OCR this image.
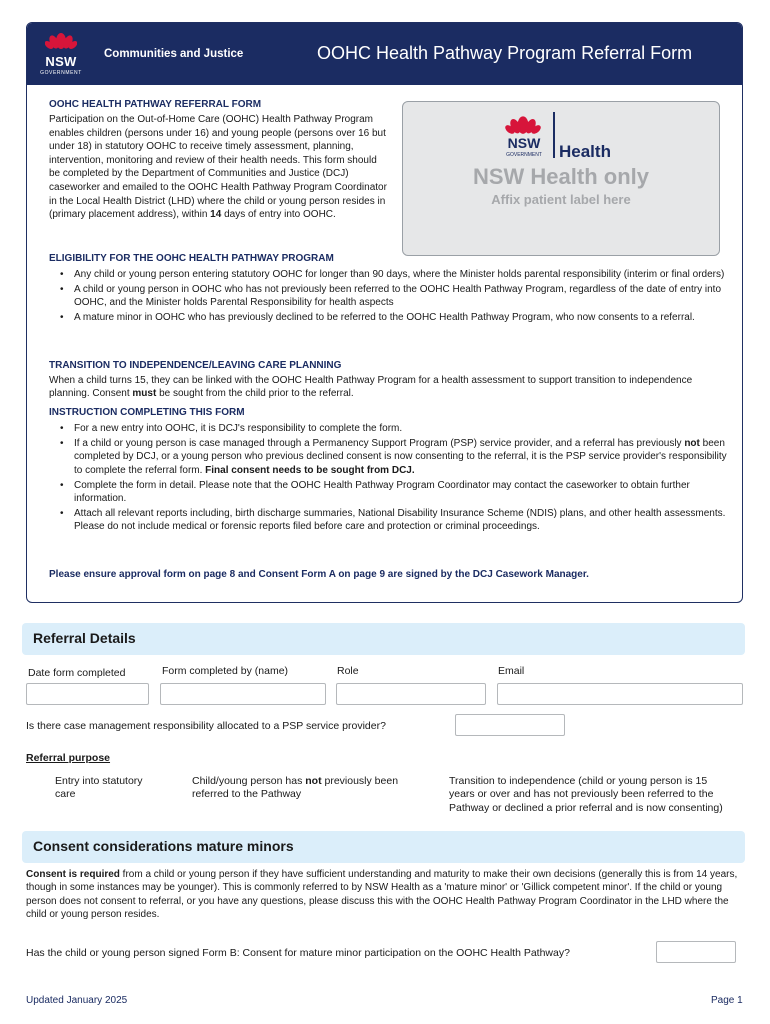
NSW
GOVERNMENT
Communities and Justice	OOHC Health Pathway Program Referral Form
OOHC HEALTH PATHWAY REFERRAL FORM
Participation on the Out-of-Home Care (OOHC) Health Pathway Program enables children (persons under 16) and young people (persons over 16 but under 18) in statutory OOHC to receive timely assessment, planning, intervention, monitoring and review of their health needs. This form should be completed by the Department of Communities and Justice (DCJ) caseworker and emailed to the OOHC Health Pathway Program Coordinator in the Local Health District (LHD) where the child or young person resides in (primary placement address), within 14 days of entry into OOHC.
NSW
GOVERNMENT Health
NSW Health only
Affix patient label here
ELIGIBILITY FOR THE OOHC HEALTH PATHWAY PROGRAM
• Any child or young person entering statutory OOHC for longer than 90 days, where the Minister holds parental responsibility (interim or final orders)
• A child or young person in OOHC who has not previously been referred to the OOHC Health Pathway Program, regardless of the date of entry into OOHC, and the Minister holds Parental Responsibility for health aspects
• A mature minor in OOHC who has previously declined to be referred to the OOHC Health Pathway Program, who now consents to a referral.
TRANSITION TO INDEPENDENCE/LEAVING CARE PLANNING
When a child turns 15, they can be linked with the OOHC Health Pathway Program for a health assessment to support transition to independence planning. Consent must be sought from the child prior to the referral.
INSTRUCTION COMPLETING THIS FORM
• For a new entry into OOHC, it is DCJ's responsibility to complete the form.
• If a child or young person is case managed through a Permanency Support Program (PSP) service provider, and a referral has previously not been completed by DCJ, or a young person who previous declined consent is now consenting to the referral, it is the PSP service provider's responsibility to complete the referral form. Final consent needs to be sought from DCJ.
• Complete the form in detail. Please note that the OOHC Health Pathway Program Coordinator may contact the caseworker to obtain further information.
• Attach all relevant reports including, birth discharge summaries, National Disability Insurance Scheme (NDIS) plans, and other health assessments. Please do not include medical or forensic reports filed before care and protection or criminal proceedings.
Please ensure approval form on page 8 and Consent Form A on page 9 are signed by the DCJ Casework Manager.
Referral Details
Date form completed	Form completed by (name)	Role	Email
Is there case management responsibility allocated to a PSP service provider?
Referral purpose
Entry into statutory care
Child/young person has not previously been referred to the Pathway
Transition to independence (child or young person is 15 years or over and has not previously been referred to the Pathway or declined a prior referral and is now consenting)
Consent considerations mature minors
Consent is required from a child or young person if they have sufficient understanding and maturity to make their own decisions (generally this is from 14 years, though in some instances may be younger). This is commonly referred to by NSW Health as a 'mature minor' or 'Gillick competent minor'. If the child or young person does not consent to referral, or you have any questions, please discuss this with the OOHC Health Pathway Program Coordinator in the LHD where the child or young person resides.
Has the child or young person signed Form B: Consent for mature minor participation on the OOHC Health Pathway?
Updated January 2025	Page 1
